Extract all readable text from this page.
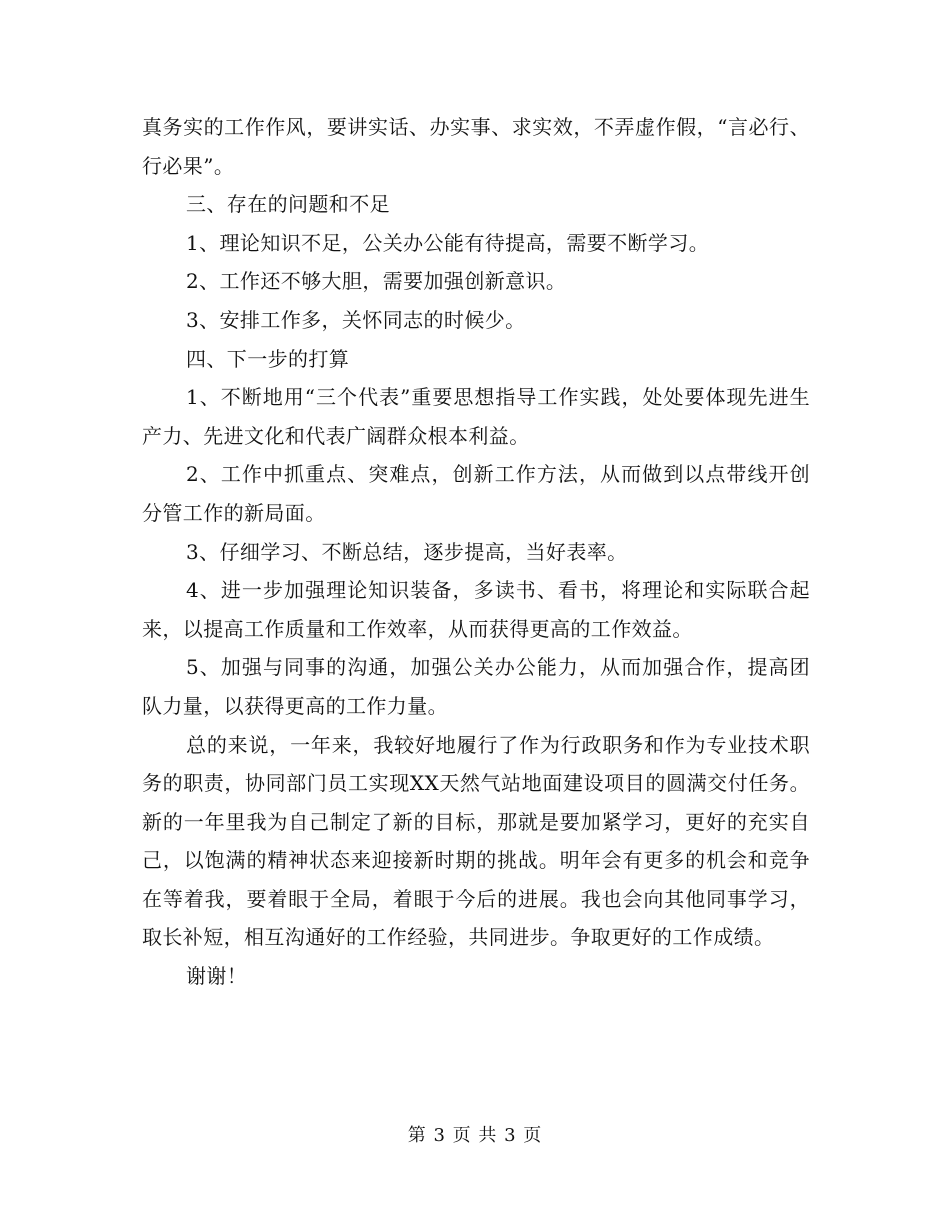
真务实的工作作风，要讲实话、办实事、求实效，不弄虚作假，“言必行、行必果”。

三、存在的问题和不足

1、理论知识不足，公关办公能有待提高，需要不断学习。

2、工作还不够大胆，需要加强创新意识。

3、安排工作多，关怀同志的时候少。

四、下一步的打算

1、不断地用“三个代表”重要思想指导工作实践，处处要体现先进生产力、先进文化和代表广阔群众根本利益。

2、工作中抓重点、突难点，创新工作方法，从而做到以点带线开创分管工作的新局面。

3、仔细学习、不断总结，逐步提高，当好表率。

4、进一步加强理论知识装备，多读书、看书，将理论和实际联合起来，以提高工作质量和工作效率，从而获得更高的工作效益。

5、加强与同事的沟通，加强公关办公能力，从而加强合作，提高团队力量，以获得更高的工作力量。

总的来说，一年来，我较好地履行了作为行政职务和作为专业技术职务的职责，协同部门员工实现XX天然气站地面建设项目的圆满交付任务。新的一年里我为自己制定了新的目标，那就是要加紧学习，更好的充实自己，以饱满的精神状态来迎接新时期的挑战。明年会有更多的机会和竞争在等着我，要着眼于全局，着眼于今后的进展。我也会向其他同事学习，取长补短，相互沟通好的工作经验，共同进步。争取更好的工作成绩。

谢谢！

第 3 页 共 3 页
